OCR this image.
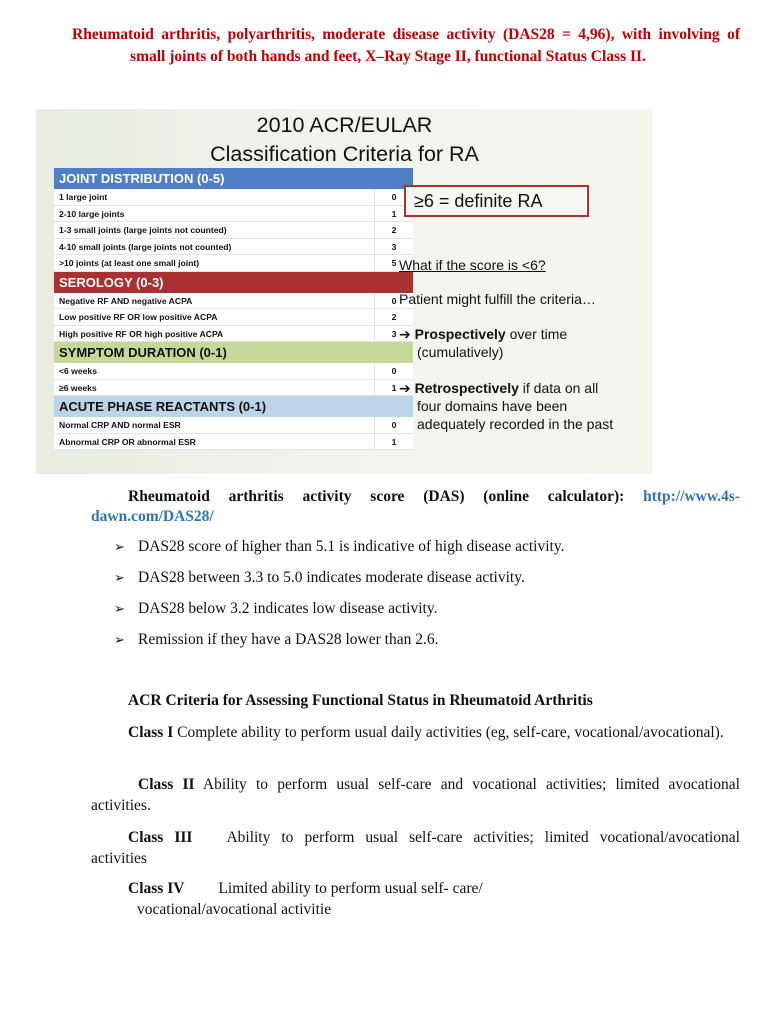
Rheumatoid arthritis, polyarthritis, moderate disease activity (DAS28 = 4,96), with involving of small joints of both hands and feet, X–Ray Stage II, functional Status Class II.
2010 ACR/EULAR
Classification Criteria for RA
JOINT DISTRIBUTION (0-5)
1 large joint	0
2-10 large joints	1
1-3 small joints (large joints not counted)	2
4-10 small joints (large joints not counted)	3
>10 joints (at least one small joint)	5
SEROLOGY (0-3)
Negative RF AND negative ACPA	0
Low positive RF OR low positive ACPA	2
High positive RF OR high positive ACPA	3
SYMPTOM DURATION (0-1)
<6 weeks	0
≥6 weeks	1
ACUTE PHASE REACTANTS (0-1)
Normal CRP AND normal ESR	0
Abnormal CRP OR abnormal ESR	1
≥6 = definite RA
What if the score is <6?
Patient might fulfill the criteria…
➔ Prospectively over time
(cumulatively)
➔ Retrospectively if data on all
four domains have been
adequately recorded in the past
Rheumatoid arthritis activity score (DAS) (online calculator): http://www.4s-dawn.com/DAS28/
➢ DAS28 score of higher than 5.1 is indicative of high disease activity.
➢ DAS28 between 3.3 to 5.0 indicates moderate disease activity.
➢ DAS28 below 3.2 indicates low disease activity.
➢ Remission if they have a DAS28 lower than 2.6.
ACR Criteria for Assessing Functional Status in Rheumatoid Arthritis
Class I Complete ability to perform usual daily activities (eg, self-care, vocational/avocational).
Class II Ability to perform usual self-care and vocational activities; limited avocational activities.
Class III Ability to perform usual self-care activities; limited vocational/avocational activities
Class IV Limited ability to perform usual self- care/
vocational/avocational activitie
